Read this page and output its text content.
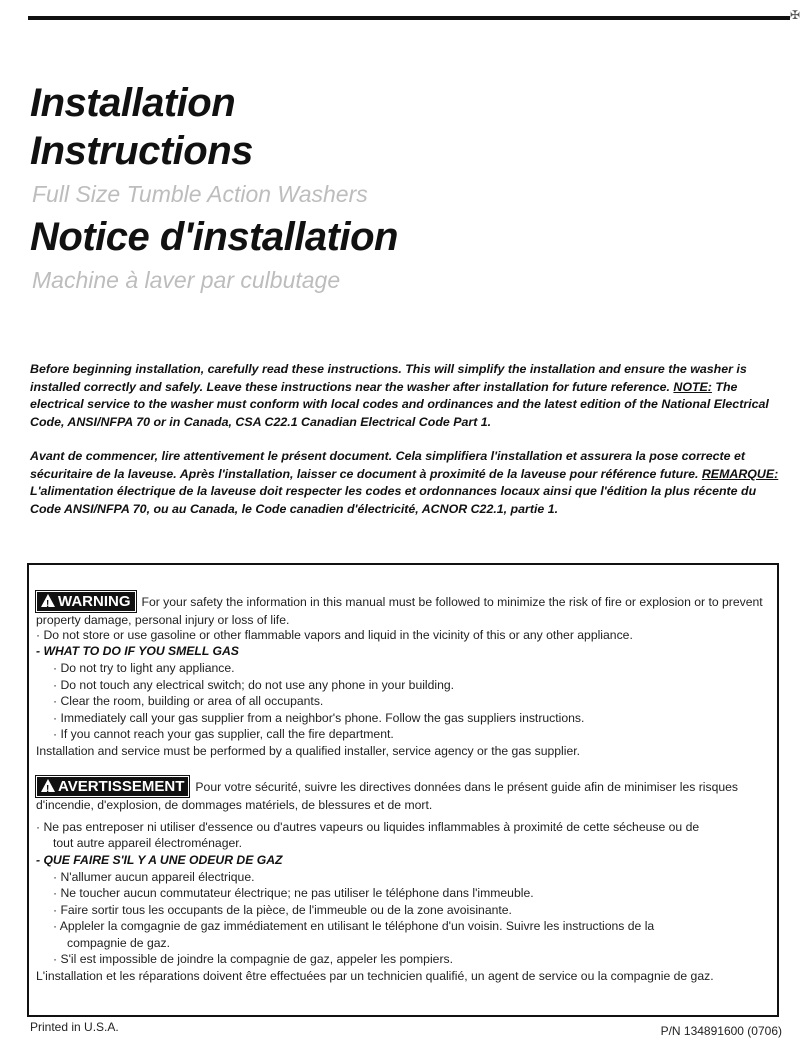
✠
Installation
Instructions

Full Size Tumble Action Washers

Notice d'installation

Machine à laver par culbutage

Before beginning installation, carefully read these instructions. This will simplify the installation and ensure the washer is installed correctly and safely. Leave these instructions near the washer after installation for future reference. NOTE: The electrical service to the washer must conform with local codes and ordinances and the latest edition of the National Electrical Code, ANSI/NFPA 70 or in Canada, CSA C22.1 Canadian Electrical Code Part 1.

Avant de commencer, lire attentivement le présent document. Cela simplifiera l'installation et assurera la pose correcte et sécuritaire de la laveuse. Après l'installation, laisser ce document à proximité de la laveuse pour référence future. REMARQUE: L'alimentation électrique de la laveuse doit respecter les codes et ordonnances locaux ainsi que l'édition la plus récente du Code ANSI/NFPA 70, ou au Canada, le Code canadien d'électricité, ACNOR C22.1, partie 1.

!WARNING For your safety the information in this manual must be followed to minimize the risk of fire or explosion or to prevent property damage, personal injury or loss of life.

· Do not store or use gasoline or other flammable vapors and liquid in the vicinity of this or any other appliance.
- WHAT TO DO IF YOU SMELL GAS
· Do not try to light any appliance.
· Do not touch any electrical switch; do not use any phone in your building.
· Clear the room, building or area of all occupants.
· Immediately call your gas supplier from a neighbor's phone. Follow the gas suppliers instructions.
· If you cannot reach your gas supplier, call the fire department.
Installation and service must be performed by a qualified installer, service agency or the gas supplier.

!AVERTISSEMENT Pour votre sécurité, suivre les directives données dans le présent guide afin de minimiser les risques d'incendie, d'explosion, de dommages matériels, de blessures et de mort.

· Ne pas entreposer ni utiliser d'essence ou d'autres vapeurs ou liquides inflammables à proximité de cette sécheuse ou de
tout autre appareil électroménager.
- QUE FAIRE S'IL Y A UNE ODEUR DE GAZ
· N'allumer aucun appareil électrique.
· Ne toucher aucun commutateur électrique; ne pas utiliser le téléphone dans l'immeuble.
· Faire sortir tous les occupants de la pièce, de l'immeuble ou de la zone avoisinante.
· Appleler la comgagnie de gaz immédiatement en utilisant le téléphone d'un voisin. Suivre les instructions de la
compagnie de gaz.
· S'il est impossible de joindre la compagnie de gaz, appeler les pompiers.

L'installation et les réparations doivent être effectuées par un technicien qualifié, un agent de service ou la compagnie de gaz.

Printed in U.S.A.	P/N 134891600 (0706)
